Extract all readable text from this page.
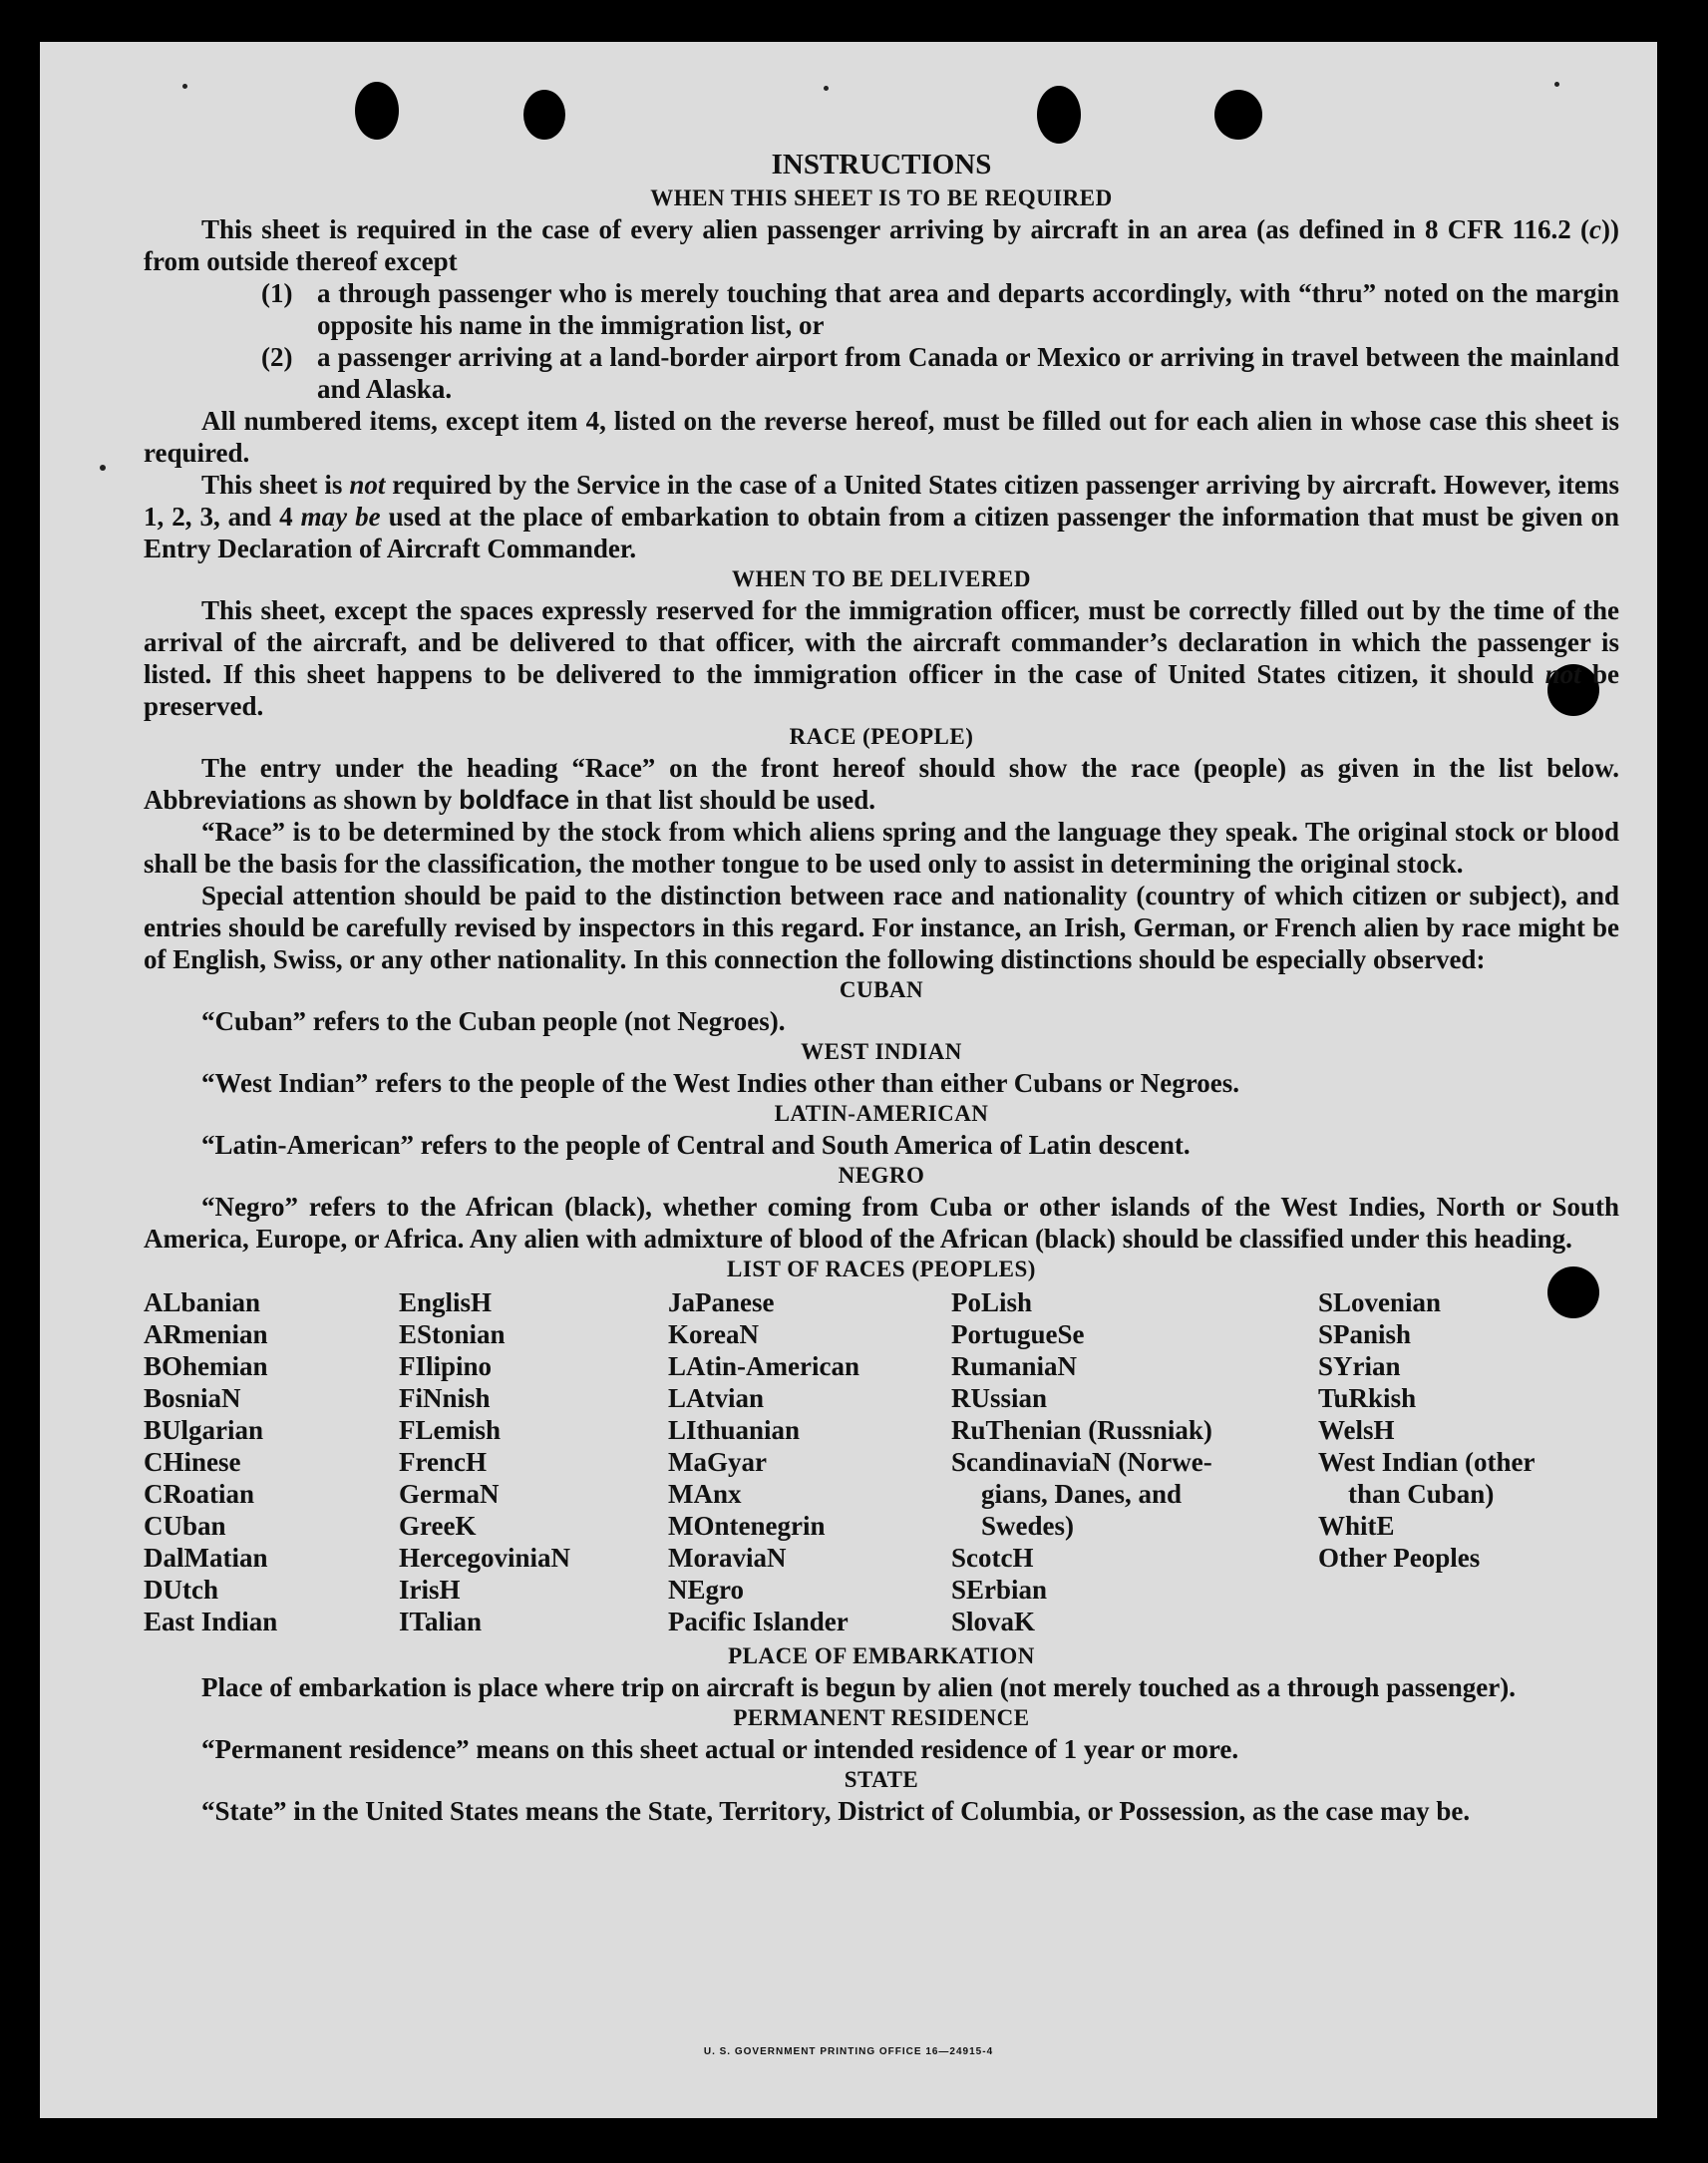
INSTRUCTIONS
WHEN THIS SHEET IS TO BE REQUIRED

This sheet is required in the case of every alien passenger arriving by aircraft in an area (as defined in 8 CFR 116.2 (c)) from outside thereof except

(1) a through passenger who is merely touching that area and departs accordingly, with “thru” noted on the margin opposite his name in the immigration list, or
(2) a passenger arriving at a land-border airport from Canada or Mexico or arriving in travel between the mainland and Alaska.

All numbered items, except item 4, listed on the reverse hereof, must be filled out for each alien in whose case this sheet is required.

This sheet is not required by the Service in the case of a United States citizen passenger arriving by aircraft. However, items 1, 2, 3, and 4 may be used at the place of embarkation to obtain from a citizen passenger the information that must be given on Entry Declaration of Aircraft Commander.

WHEN TO BE DELIVERED

This sheet, except the spaces expressly reserved for the immigration officer, must be correctly filled out by the time of the arrival of the aircraft, and be delivered to that officer, with the aircraft commander’s declaration in which the passenger is listed. If this sheet happens to be delivered to the immigration officer in the case of United States citizen, it should not be preserved.

RACE (PEOPLE)

The entry under the heading “Race” on the front hereof should show the race (people) as given in the list below. Abbreviations as shown by boldface in that list should be used.

“Race” is to be determined by the stock from which aliens spring and the language they speak. The original stock or blood shall be the basis for the classification, the mother tongue to be used only to assist in determining the original stock.

Special attention should be paid to the distinction between race and nationality (country of which citizen or subject), and entries should be carefully revised by inspectors in this regard. For instance, an Irish, German, or French alien by race might be of English, Swiss, or any other nationality. In this connection the following distinctions should be especially observed:

CUBAN

“Cuban” refers to the Cuban people (not Negroes).

WEST INDIAN

“West Indian” refers to the people of the West Indies other than either Cubans or Negroes.

LATIN-AMERICAN

“Latin-American” refers to the people of Central and South America of Latin descent.

NEGRO

“Negro” refers to the African (black), whether coming from Cuba or other islands of the West Indies, North or South America, Europe, or Africa. Any alien with admixture of blood of the African (black) should be classified under this heading.

LIST OF RACES (PEOPLES)
ALbanian
ARmenian
BOhemian
BosniaN
BUlgarian
CHinese
CRoatian
CUban
DalMatian
DUtch
East Indian
EnglisH
EStonian
FIlipino
FiNnish
FLemish
FrencH
GermaN
GreeK
HercegoviniaN
IrisH
ITalian
JaPanese
KoreaN
LAtin-American
LAtvian
LIthuanian
MaGyar
MAnx
MOntenegrin
MoraviaN
NEgro
Pacific Islander
PoLish
PortugueSe
RumaniaN
RUssian
RuThenian (Russniak)
ScandinaviaN (Norwe-
gians, Danes, and
Swedes)
ScotcH
SErbian
SlovaK
SLovenian
SPanish
SYrian
TuRkish
WelsH
West Indian (other
than Cuban)
WhitE
Other Peoples
PLACE OF EMBARKATION

Place of embarkation is place where trip on aircraft is begun by alien (not merely touched as a through passenger).

PERMANENT RESIDENCE

“Permanent residence” means on this sheet actual or intended residence of 1 year or more.

STATE

“State” in the United States means the State, Territory, District of Columbia, or Possession, as the case may be.

U. S. GOVERNMENT PRINTING OFFICE 16—24915-4
